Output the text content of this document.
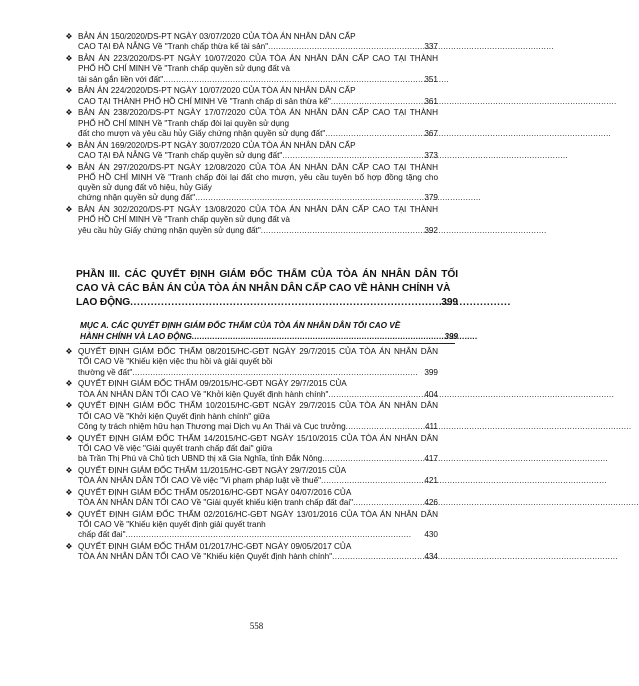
❖ BẢN ÁN 150/2020/DS-PT NGÀY 03/07/2020 CỦA TÒA ÁN NHÂN DÂN CẤP

CAO TẠI ĐÀ NẴNG Về "Tranh chấp thừa kế tài sản" .....	337
❖ BẢN ÁN 223/2020/DS-PT NGÀY 10/07/2020 CỦA TÒA ÁN NHÂN DÂN CẤP CAO TẠI THÀNH PHỐ HỒ CHÍ MINH Về "Tranh chấp quyền sử dụng đất và

tài sản gắn liền với đất" .....	351
❖ BẢN ÁN 224/2020/DS-PT NGÀY 10/07/2020 CỦA TÒA ÁN NHÂN DÂN CẤP

CAO TẠI THÀNH PHỐ HỒ CHÍ MINH Về "Tranh chấp di sản thừa kế" .....	361
❖ BẢN ÁN 238/2020/DS-PT NGÀY 17/07/2020 CỦA TÒA ÁN NHÂN DÂN CẤP CAO TẠI THÀNH PHỐ HỒ CHÍ MINH Về "Tranh chấp đòi lại quyền sử dụng

đất cho mượn và yêu cầu hủy Giấy chứng nhận quyền sử dụng đất" .....	367
❖ BẢN ÁN 169/2020/DS-PT NGÀY 30/07/2020 CỦA TÒA ÁN NHÂN DÂN CẤP

CAO TẠI ĐÀ NẴNG Về "Tranh chấp quyền sử dụng đất" .....	373
❖ BẢN ÁN 297/2020/DS-PT NGÀY 12/08/2020 CỦA TÒA ÁN NHÂN DÂN CẤP CAO TẠI THÀNH PHỐ HỒ CHÍ MINH Về "Tranh chấp đòi lại đất cho mượn, yêu cầu tuyên bố hợp đồng tặng cho quyền sử dụng đất vô hiệu, hủy Giấy

chứng nhận quyền sử dụng đất" .....	379
❖ BẢN ÁN 302/2020/DS-PT NGÀY 13/08/2020 CỦA TÒA ÁN NHÂN DÂN CẤP CAO TẠI THÀNH PHỐ HỒ CHÍ MINH Về "Tranh chấp quyền sử dụng đất và

yêu cầu hủy Giấy chứng nhận quyền sử dụng đất" .....	392

PHẦN III. CÁC QUYẾT ĐỊNH GIÁM ĐỐC THẨM CỦA TÒA ÁN NHÂN DÂN TỐI CAO VÀ CÁC BẢN ÁN CỦA TÒA ÁN NHÂN DÂN CẤP CAO VỀ HÀNH CHÍNH VÀ

LAO ĐỘNG .....	399

MỤC A. CÁC QUYẾT ĐỊNH GIÁM ĐỐC THẨM CỦA TÒA ÁN NHÂN DÂN TỐI CAO VỀ

HÀNH CHÍNH VÀ LAO ĐỘNG .....	399
❖ QUYẾT ĐỊNH GIÁM ĐỐC THẨM 08/2015/HC-GĐT NGÀY 29/7/2015 CỦA TÒA ÁN NHÂN DÂN TỐI CAO Về "Khiếu kiện việc thu hồi và giải quyết bồi

thường về đất" .....	399
❖ QUYẾT ĐỊNH GIÁM ĐỐC THẨM 09/2015/HC-GĐT NGÀY 29/7/2015 CỦA

TÒA ÁN NHÂN DÂN TỐI CAO Về "Khởi kiện Quyết định hành chính" .....	404
❖ QUYẾT ĐỊNH GIÁM ĐỐC THẨM 10/2015/HC-GĐT NGÀY 29/7/2015 CỦA TÒA ÁN NHÂN DÂN TỐI CAO Về "Khởi kiện Quyết định hành chính" giữa

Công ty trách nhiệm hữu hạn Thương mại Dịch vụ An Thái và Cục trưởng .....	411
❖ QUYẾT ĐỊNH GIÁM ĐỐC THẨM 14/2015/HC-GĐT NGÀY 15/10/2015 CỦA TÒA ÁN NHÂN DÂN TỐI CAO Về việc "Giải quyết tranh chấp đất đai" giữa

bà Trần Thị Phú và Chủ tịch UBND thị xã Gia Nghĩa, tỉnh Đắk Nông .....	417
❖ QUYẾT ĐỊNH GIÁM ĐỐC THẨM 11/2015/HC-GĐT NGÀY 29/7/2015 CỦA

TÒA ÁN NHÂN DÂN TỐI CAO Về việc "Vi phạm pháp luật về thuế" .....	421
❖ QUYẾT ĐỊNH GIÁM ĐỐC THẨM 05/2016/HC-GĐT NGÀY 04/07/2016 CỦA

TÒA ÁN NHÂN DÂN TỐI CAO Về "Giải quyết khiếu kiện tranh chấp đất đai" .....	426
❖ QUYẾT ĐỊNH GIÁM ĐỐC THẨM 02/2016/HC-GĐT NGÀY 13/01/2016 CỦA TÒA ÁN NHÂN DÂN TỐI CAO Về "Khiếu kiện quyết định giải quyết tranh

chấp đất đai" .....	430
❖ QUYẾT ĐỊNH GIÁM ĐỐC THẨM 01/2017/HC-GĐT NGÀY 09/05/2017 CỦA

TÒA ÁN NHÂN DÂN TỐI CAO Về "Khiếu kiện Quyết định hành chính" .....	434
558
